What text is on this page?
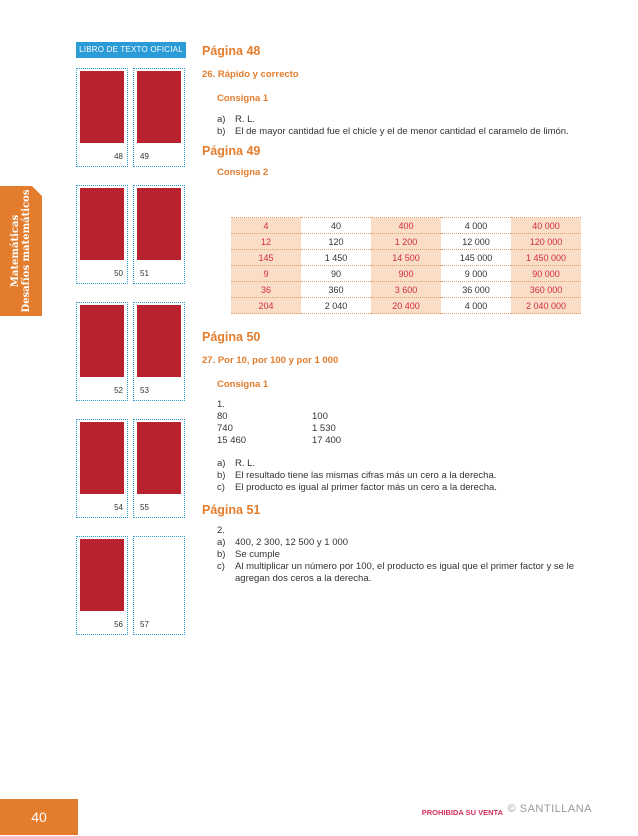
LIBRO DE TEXTO OFICIAL
Matemáticas Desafíos matemáticos
48	49
50	51
52	53
54	55
56	57
Página 48
26. Rápido y correcto
Consigna 1
a)	R. L.
b)	El de mayor cantidad fue el chicle y el de menor cantidad el caramelo de limón.
Página 49
Consigna 2
4	40	400	4 000	40 000
12	120	1 200	12 000	120 000
145	1 450	14 500	145 000	1 450 000
9	90	900	9 000	90 000
36	360	3 600	36 000	360 000
204	2 040	20 400	4 000	2 040 000
Página 50
27. Por 10, por 100 y por 1 000
Consigna 1
1.
80	100
740	1 530
15 460	17 400
a)	R. L.
b)	El resultado tiene las mismas cifras más un cero a la derecha.
c)	El producto es igual al primer factor más un cero a la derecha.
Página 51
2.
a)	400, 2 300, 12 500 y 1 000
b)	Se cumple
c)	Al multiplicar un número por 100, el producto es igual que el primer factor y se le agregan dos ceros a la derecha.
40	PROHIBIDA SU VENTA © SANTILLANA
